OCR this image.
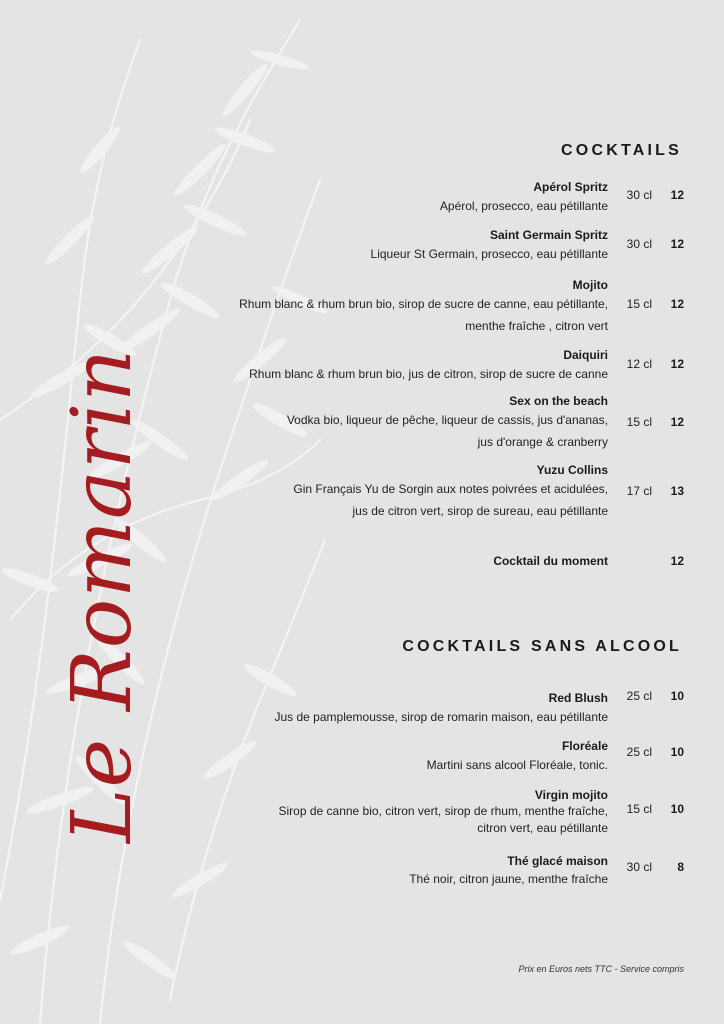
Le Romarin
COCKTAILS
Apérol Spritz
Apérol, prosecco, eau pétillante
30 cl	12
Saint Germain Spritz
Liqueur St Germain, prosecco, eau pétillante
30 cl	12
Mojito
Rhum blanc & rhum brun bio, sirop de sucre de canne, eau pétillante,
menthe fraîche , citron vert
15 cl	12
Daiquiri
Rhum blanc & rhum brun bio, jus de citron, sirop de sucre de canne
12 cl	12
Sex on the beach
Vodka bio, liqueur de pêche, liqueur de cassis, jus d'ananas,
jus d'orange & cranberry
15 cl	12
Yuzu Collins
Gin Français Yu de Sorgin aux notes poivrées et acidulées,
jus de citron vert, sirop de sureau, eau pétillante
17 cl	13
Cocktail du moment	12
COCKTAILS SANS ALCOOL
Red Blush
Jus de pamplemousse, sirop de romarin maison, eau pétillante
25 cl	10
Floréale
Martini sans alcool Floréale, tonic.
25 cl	10
Virgin mojito
Sirop de canne bio, citron vert, sirop de rhum, menthe fraîche,
citron vert, eau pétillante
15 cl	10
Thé glacé maison
Thé noir, citron jaune, menthe fraîche
30 cl	8

Prix en Euros nets TTC - Service compris
